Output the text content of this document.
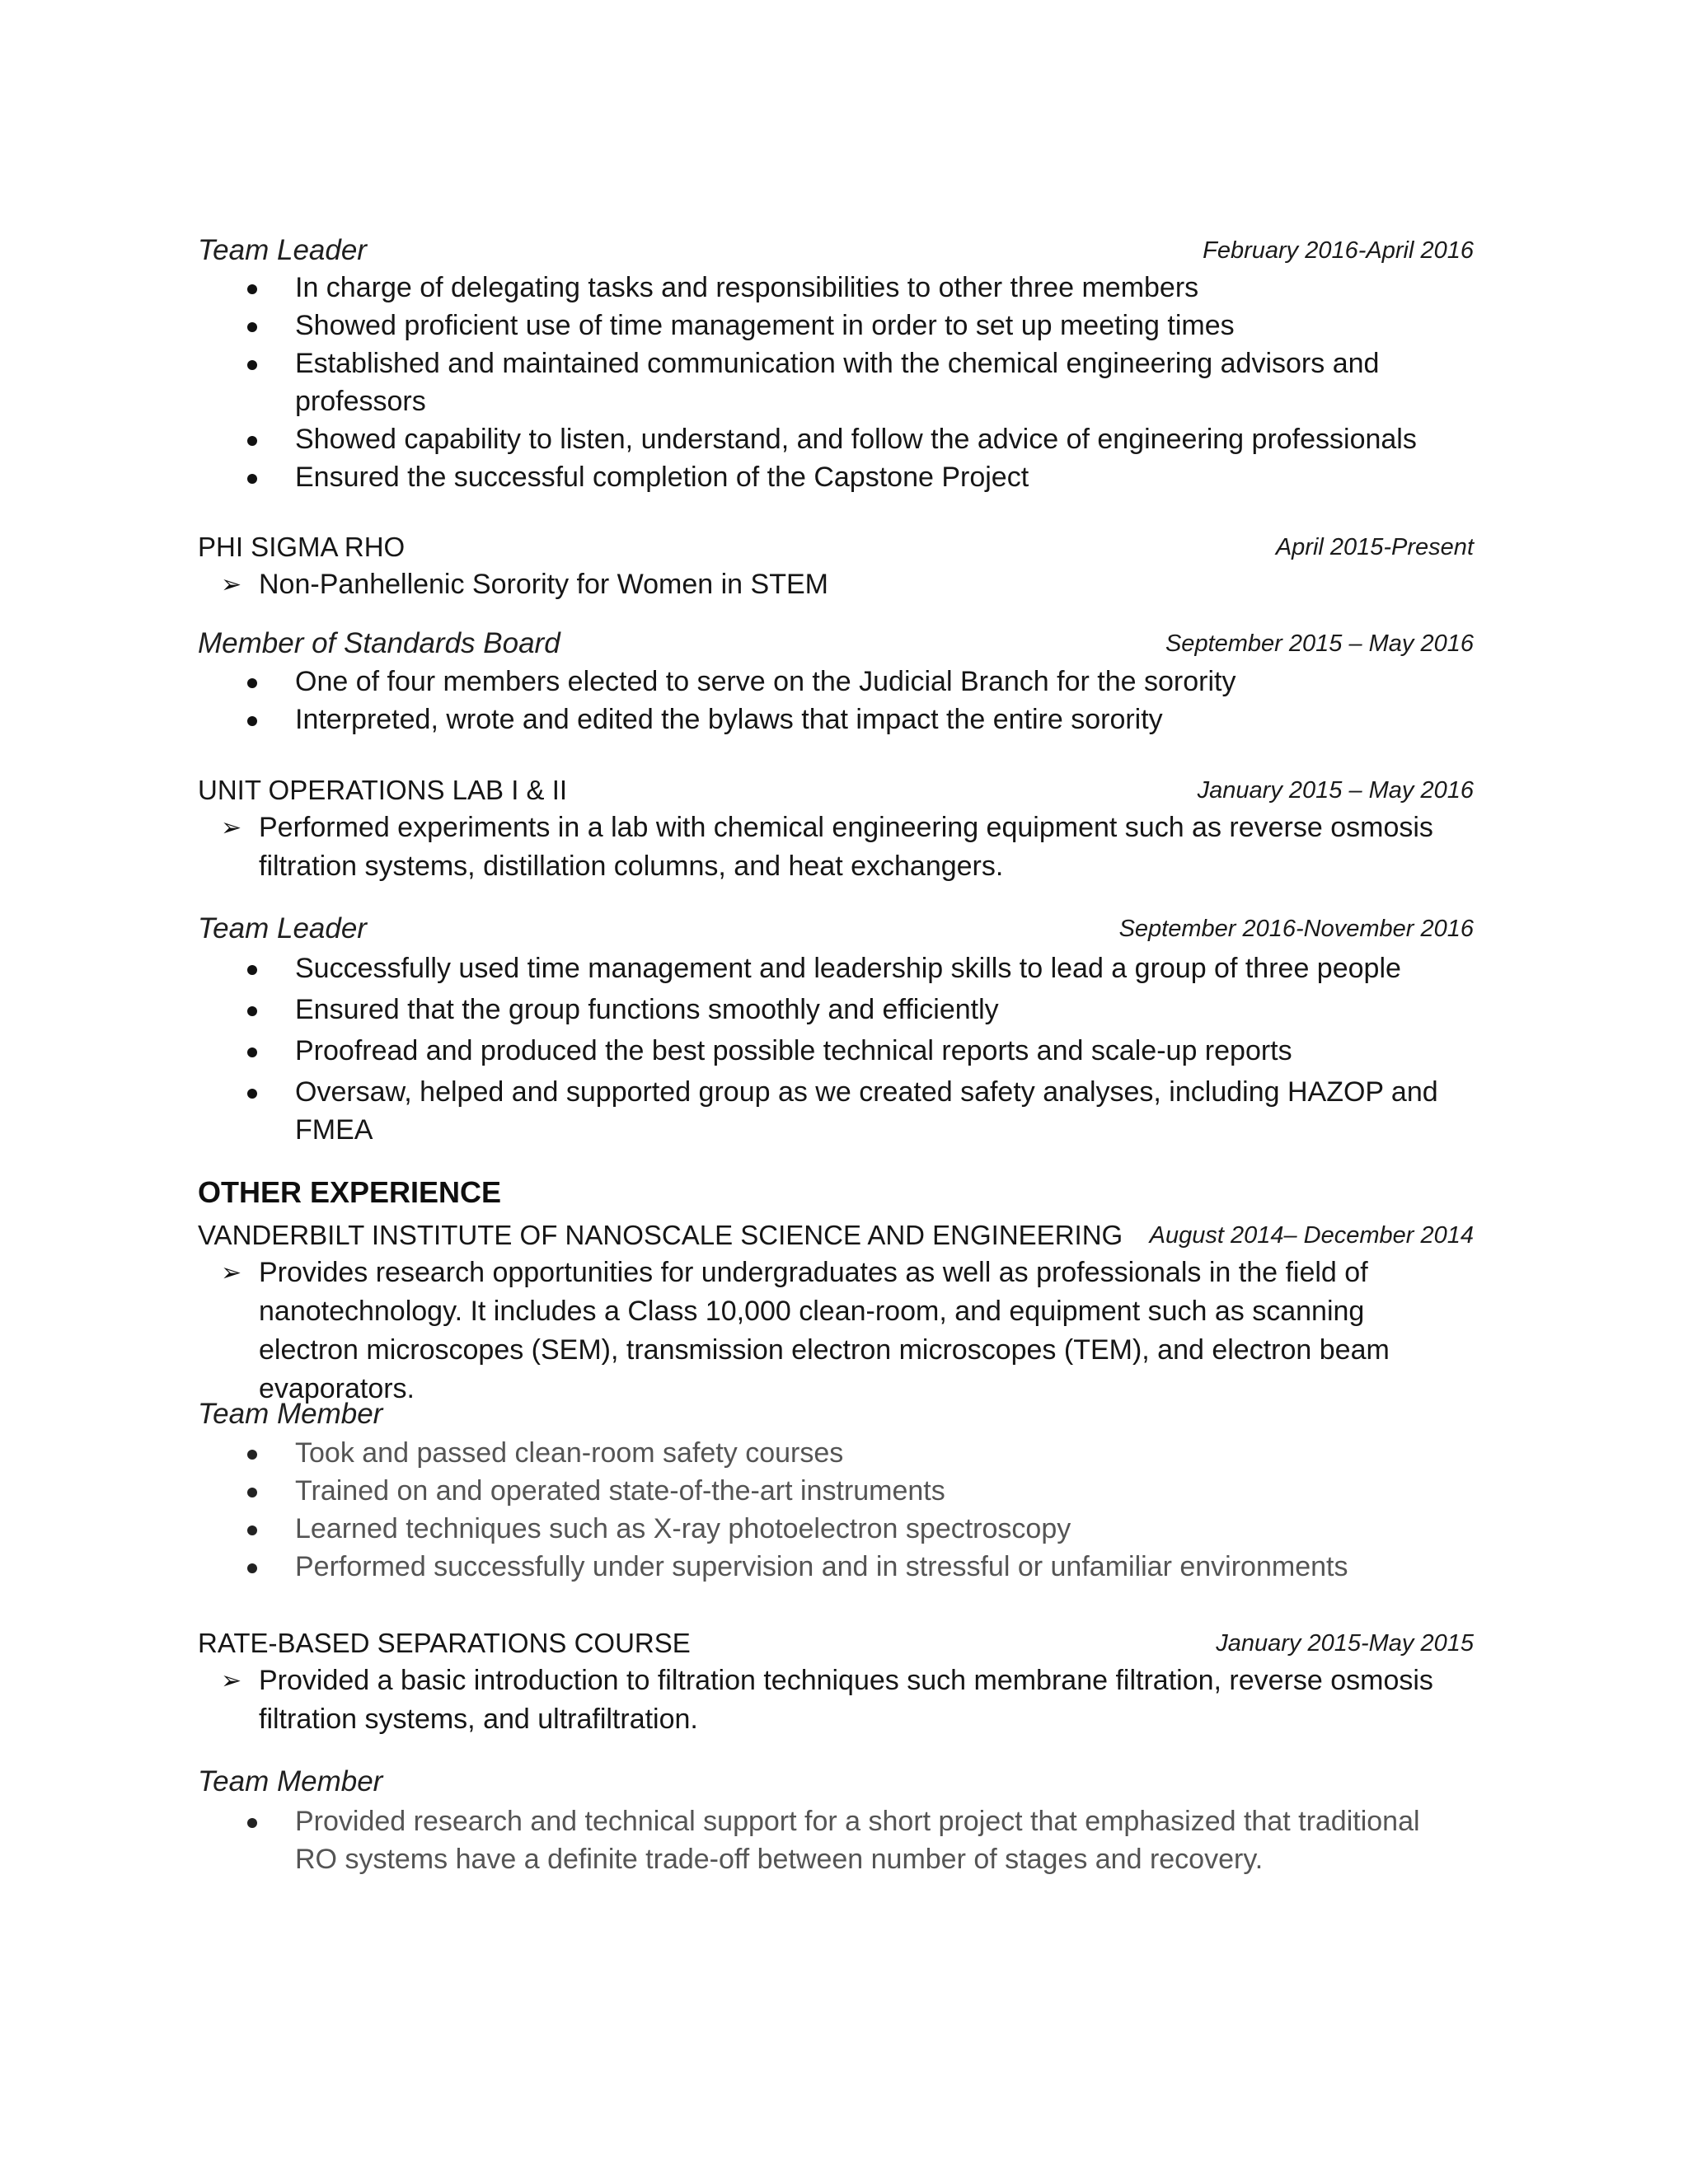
Team Leader	February 2016-April 2016
In charge of delegating tasks and responsibilities to other three members
Showed proficient use of time management in order to set up meeting times
Established and maintained communication with the chemical engineering advisors and professors
Showed capability to listen, understand, and follow the advice of engineering professionals
Ensured the successful completion of the Capstone Project
PHI SIGMA RHO	April 2015-Present
➢ Non-Panhellenic Sorority for Women in STEM
Member of Standards Board	September 2015 – May 2016
One of four members elected to serve on the Judicial Branch for the sorority
Interpreted, wrote and edited the bylaws that impact the entire sorority
UNIT OPERATIONS LAB I & II	January 2015 – May 2016
➢ Performed experiments in a lab with chemical engineering equipment such as reverse osmosis filtration systems, distillation columns, and heat exchangers.
Team Leader	September 2016-November 2016
Successfully used time management and leadership skills to lead a group of three people
Ensured that the group functions smoothly and efficiently
Proofread and produced the best possible technical reports and scale-up reports
Oversaw, helped and supported group as we created safety analyses, including HAZOP and FMEA
OTHER EXPERIENCE
VANDERBILT INSTITUTE OF NANOSCALE SCIENCE AND ENGINEERING August 2014– December 2014
➢ Provides research opportunities for undergraduates as well as professionals in the field of nanotechnology. It includes a Class 10,000 clean-room, and equipment such as scanning electron microscopes (SEM), transmission electron microscopes (TEM), and electron beam evaporators.
Team Member
Took and passed clean-room safety courses
Trained on and operated state-of-the-art instruments
Learned techniques such as X-ray photoelectron spectroscopy
Performed successfully under supervision and in stressful or unfamiliar environments
RATE-BASED SEPARATIONS COURSE	January 2015-May 2015
➢ Provided a basic introduction to filtration techniques such membrane filtration, reverse osmosis filtration systems, and ultrafiltration.
Team Member
Provided research and technical support for a short project that emphasized that traditional RO systems have a definite trade-off between number of stages and recovery.
